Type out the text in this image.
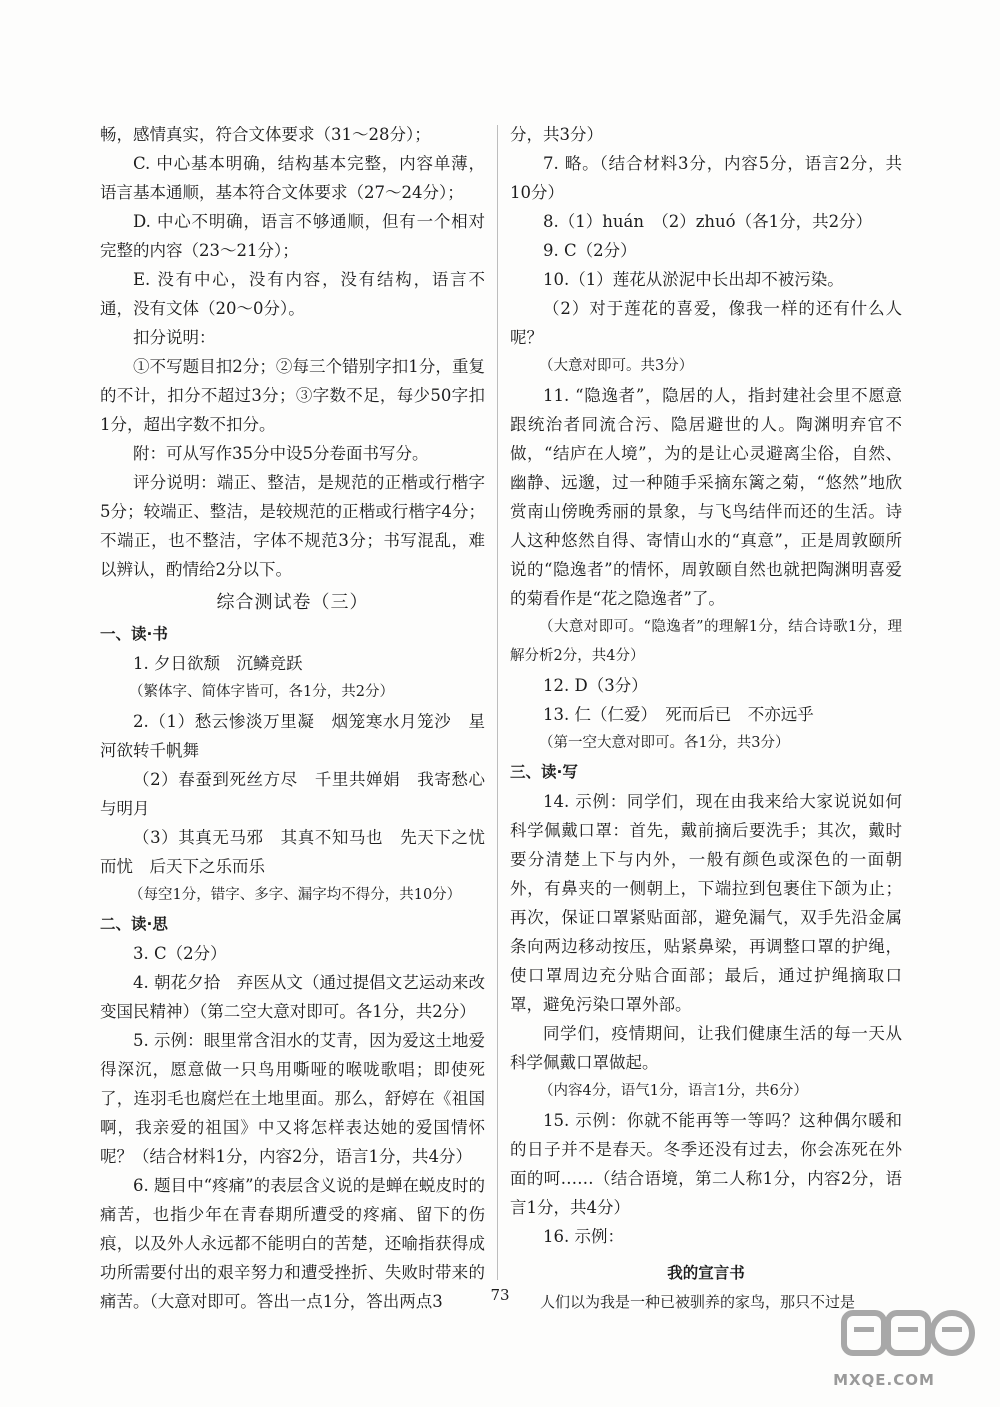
畅，感情真实，符合文体要求（31～28分）；

C. 中心基本明确，结构基本完整，内容单薄，语言基本通顺，基本符合文体要求（27～24分）；

D. 中心不明确，语言不够通顺，但有一个相对完整的内容（23～21分）；

E. 没有中心，没有内容，没有结构，语言不通，没有文体（20～0分）。

扣分说明：

①不写题目扣2分；②每三个错别字扣1分，重复的不计，扣分不超过3分；③字数不足，每少50字扣1分，超出字数不扣分。

附：可从写作35分中设5分卷面书写分。

评分说明：端正、整洁，是规范的正楷或行楷字5分；较端正、整洁，是较规范的正楷或行楷字4分；不端正，也不整洁，字体不规范3分；书写混乱，难以辨认，酌情给2分以下。

综合测试卷（三）

一、读·书

1. 夕日欲颓　沉鳞竞跃

（繁体字、简体字皆可，各1分，共2分）

2.（1）愁云惨淡万里凝　烟笼寒水月笼沙　星河欲转千帆舞

（2）春蚕到死丝方尽　千里共婵娟　我寄愁心与明月

（3）其真无马邪　其真不知马也　先天下之忧而忧　后天下之乐而乐

（每空1分，错字、多字、漏字均不得分，共10分）

二、读·思

3. C（2分）

4. 朝花夕拾　弃医从文（通过提倡文艺运动来改变国民精神）（第二空大意对即可。各1分，共2分）

5. 示例：眼里常含泪水的艾青，因为爱这土地爱得深沉，愿意做一只鸟用嘶哑的喉咙歌唱；即使死了，连羽毛也腐烂在土地里面。那么，舒婷在《祖国啊，我亲爱的祖国》中又将怎样表达她的爱国情怀呢？（结合材料1分，内容2分，语言1分，共4分）

6. 题目中“疼痛”的表层含义说的是蝉在蜕皮时的痛苦，也指少年在青春期所遭受的疼痛、留下的伤痕，以及外人永远都不能明白的苦楚，还喻指获得成功所需要付出的艰辛努力和遭受挫折、失败时带来的痛苦。（大意对即可。答出一点1分，答出两点3

分，共3分）

7. 略。（结合材料3分，内容5分，语言2分，共10分）

8.（1）huán　（2）zhuó（各1分，共2分）

9. C（2分）

10.（1）莲花从淤泥中长出却不被污染。

（2）对于莲花的喜爱，像我一样的还有什么人呢？

（大意对即可。共3分）

11. “隐逸者”，隐居的人，指封建社会里不愿意跟统治者同流合污、隐居避世的人。陶渊明弃官不做，“结庐在人境”，为的是让心灵避离尘俗，自然、幽静、远邈，过一种随手采摘东篱之菊，“悠然”地欣赏南山傍晚秀丽的景象，与飞鸟结伴而还的生活。诗人这种悠然自得、寄情山水的“真意”，正是周敦颐所说的“隐逸者”的情怀，周敦颐自然也就把陶渊明喜爱的菊看作是“花之隐逸者”了。

（大意对即可。“隐逸者”的理解1分，结合诗歌1分，理解分析2分，共4分）

12. D（3分）

13. 仁（仁爱）　死而后已　不亦远乎

（第一空大意对即可。各1分，共3分）

三、读·写

14. 示例：同学们，现在由我来给大家说说如何科学佩戴口罩：首先，戴前摘后要洗手；其次，戴时要分清楚上下与内外，一般有颜色或深色的一面朝外，有鼻夹的一侧朝上，下端拉到包裹住下颌为止；再次，保证口罩紧贴面部，避免漏气，双手先沿金属条向两边移动按压，贴紧鼻梁，再调整口罩的护绳，使口罩周边充分贴合面部；最后，通过护绳摘取口罩，避免污染口罩外部。

同学们，疫情期间，让我们健康生活的每一天从科学佩戴口罩做起。

（内容4分，语气1分，语言1分，共6分）

15. 示例：你就不能再等一等吗？这种偶尔暖和的日子并不是春天。冬季还没有过去，你会冻死在外面的呵……（结合语境，第二人称1分，内容2分，语言1分，共4分）

16. 示例：

我的宣言书

人们以为我是一种已被驯养的家鸟，那只不过是

73
MXQE.COM
